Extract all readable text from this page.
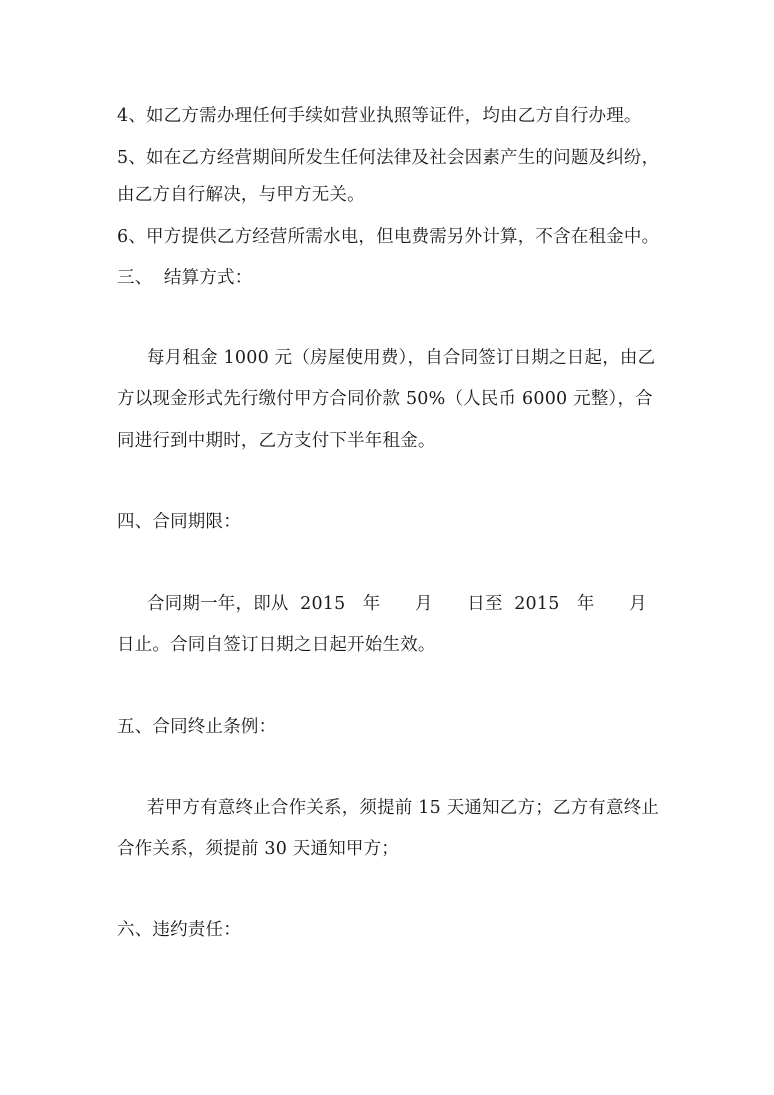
4、如乙方需办理任何手续如营业执照等证件，均由乙方自行办理。
5、如在乙方经营期间所发生任何法律及社会因素产生的问题及纠纷，
由乙方自行解决，与甲方无关。
6、甲方提供乙方经营所需水电，但电费需另外计算，不含在租金中。
三、  结算方式：
每月租金 1000 元（房屋使用费），自合同签订日期之日起，由乙
方以现金形式先行缴付甲方合同价款 50%（人民币 6000 元整），合
同进行到中期时，乙方支付下半年租金。
四、合同期限：
合同期一年，即从  2015   年      月      日至  2015   年      月
日止。合同自签订日期之日起开始生效。
五、合同终止条例：
若甲方有意终止合作关系，须提前 15 天通知乙方；乙方有意终止
合作关系，须提前 30 天通知甲方；
六、违约责任：
